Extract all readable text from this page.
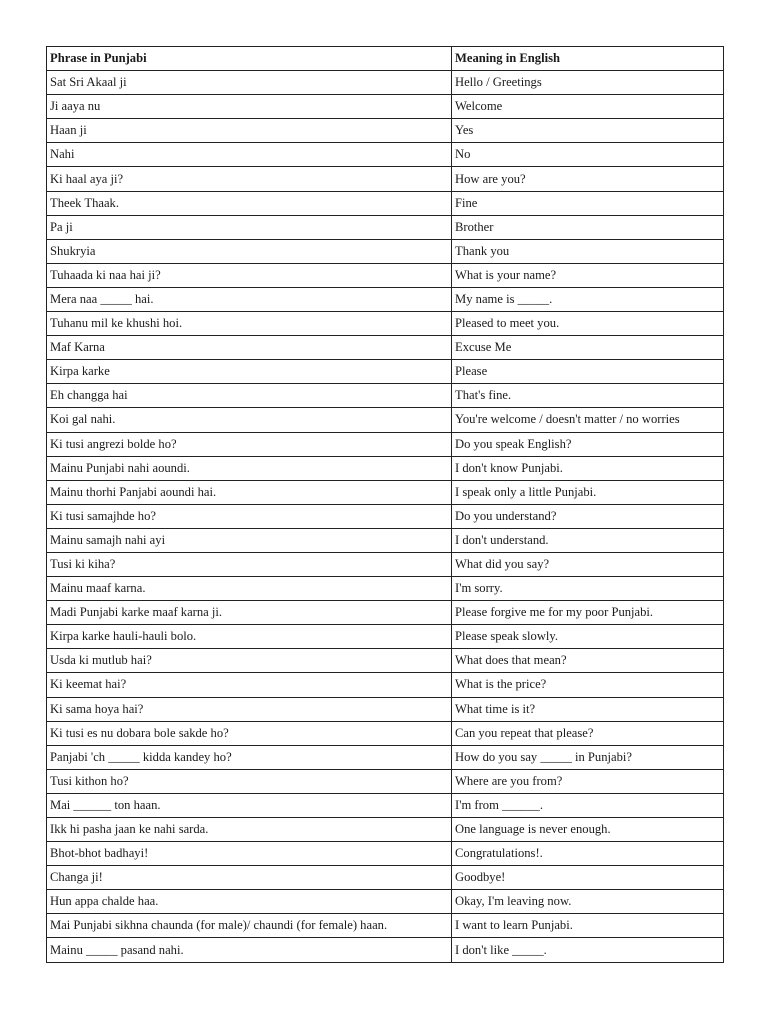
Phrase in Punjabi	Meaning in English
Sat Sri Akaal ji	Hello / Greetings
Ji aaya nu	Welcome
Haan ji	Yes
Nahi	No
Ki haal aya ji?	How are you?
Theek Thaak.	Fine
Pa ji	Brother
Shukryia	Thank you
Tuhaada ki naa hai ji?	What is your name?
Mera naa _____ hai.	My name is _____.
Tuhanu mil ke khushi hoi.	Pleased to meet you.
Maf Karna	Excuse Me
Kirpa karke	Please
Eh changga hai	That's fine.
Koi gal nahi.	You're welcome / doesn't matter / no worries
Ki tusi angrezi bolde ho?	Do you speak English?
Mainu Punjabi nahi aoundi.	I don't know Punjabi.
Mainu thorhi Panjabi aoundi hai.	I speak only a little Punjabi.
Ki tusi samajhde ho?	Do you understand?
Mainu samajh nahi ayi	I don't understand.
Tusi ki kiha?	What did you say?
Mainu maaf karna.	I'm sorry.
Madi Punjabi karke maaf karna ji.	Please forgive me for my poor Punjabi.
Kirpa karke hauli-hauli bolo.	Please speak slowly.
Usda ki mutlub hai?	What does that mean?
Ki keemat hai?	What is the price?
Ki sama hoya hai?	What time is it?
Ki tusi es nu dobara bole sakde ho?	Can you repeat that please?
Panjabi 'ch _____ kidda kandey ho?	How do you say _____ in Punjabi?
Tusi kithon ho?	Where are you from?
Mai ______ ton haan.	I'm from ______.
Ikk hi pasha jaan ke nahi sarda.	One language is never enough.
Bhot-bhot badhayi!	Congratulations!.
Changa ji!	Goodbye!
Hun appa chalde haa.	Okay, I'm leaving now.
Mai Punjabi sikhna chaunda (for male)/ chaundi (for female) haan.	I want to learn Punjabi.
Mainu _____ pasand nahi.	I don't like _____.
